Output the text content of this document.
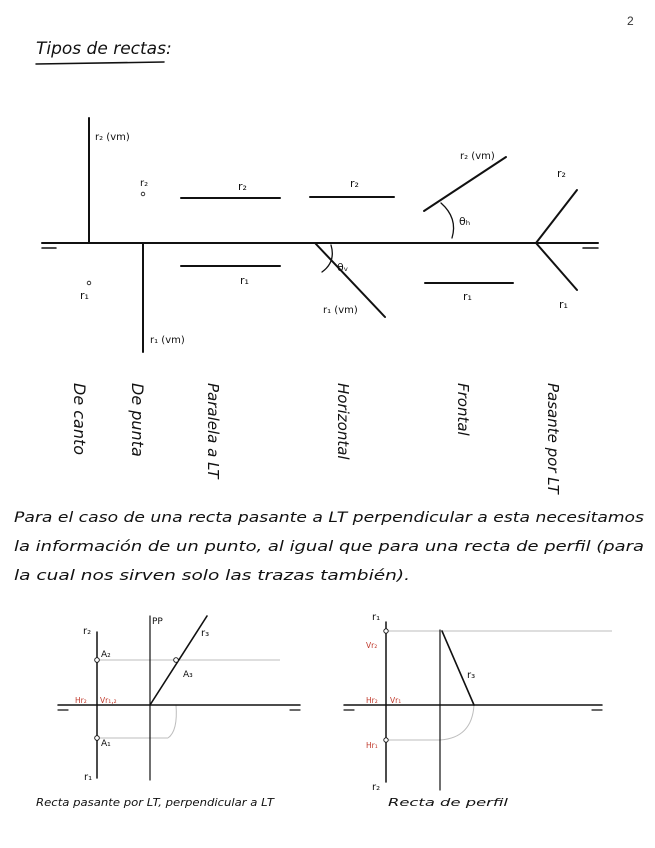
2
Tipos de rectas:
r₂ (vm)
r₁
r₂
r₁ (vm)
r₂
r₁
r₂
θᵥ
r₁ (vm)
θₕ
r₂ (vm)
r₁
r₂
r₁
De canto De punta	Paralela a LT	Horizontal	Frontal	Pasante por LT
Para el caso de una recta pasante a LT perpendicular a esta necesitamos
la información de un punto, al igual que para una recta de perfil (para
la cual nos sirven solo las trazas también).
r₂
r₁
PP
r₃
A₂
A₁
A₃
Hr₂ Vr₁,₂
Recta pasante por LT, perpendicular a LT
r₁
r₂
r₃
Vr₂
Hr₂ Vr₁
Hr₁
Recta de perfil
